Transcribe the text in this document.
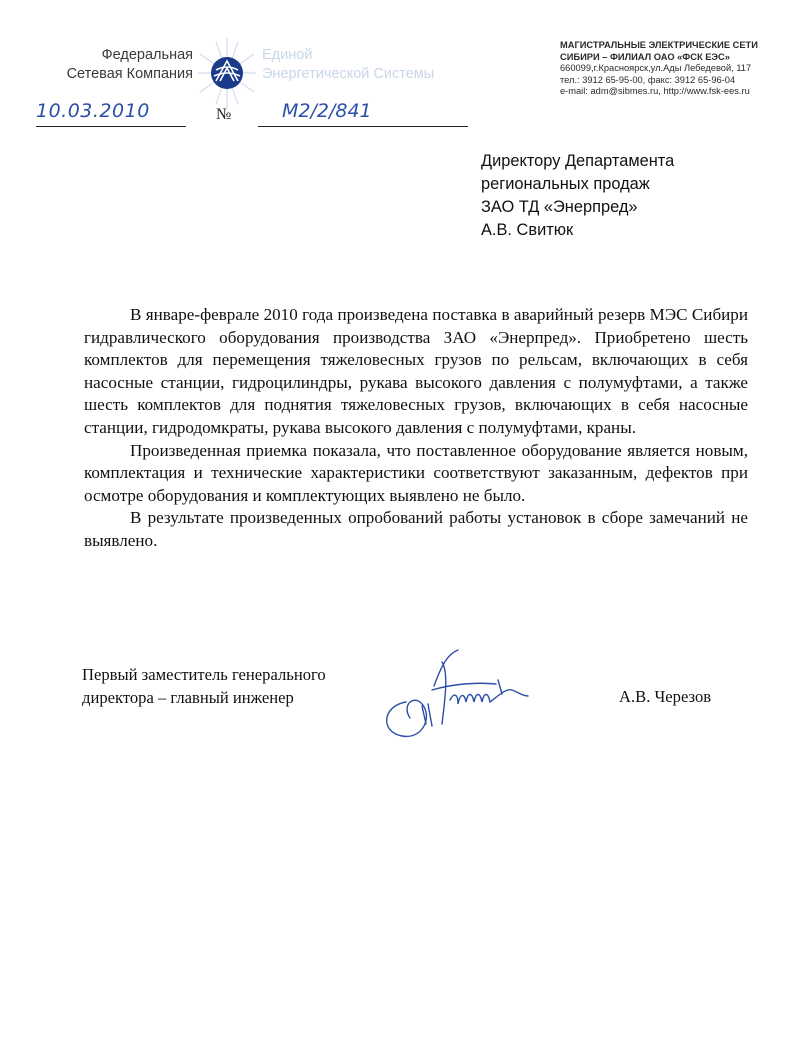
Федеральная
Сетевая Компания
Единой
Энергетической Системы
МАГИСТРАЛЬНЫЕ ЭЛЕКТРИЧЕСКИЕ СЕТИ
СИБИРИ – ФИЛИАЛ ОАО «ФСК ЕЭС»
660099,г.Красноярск,ул.Ады Лебедевой, 117
тел.: 3912 65-95-00, факс: 3912 65-96-04
e-mail: adm@sibmes.ru, http://www.fsk-ees.ru
10.03.2010	№	М2/2/841
Директору Департамента
региональных продаж
ЗАО ТД «Энерпред»
А.В. Свитюк

В январе-феврале 2010 года произведена поставка в аварийный резерв МЭС Сибири гидравлического оборудования производства ЗАО «Энерпред». Приобретено шесть комплектов для перемещения тяжеловесных грузов по рельсам, включающих в себя насосные станции, гидроцилиндры, рукава высокого давления с полумуфтами, а также шесть комплектов для поднятия тяжеловесных грузов, включающих в себя насосные станции, гидродомкраты, рукава высокого давления с полумуфтами, краны.

Произведенная приемка показала, что поставленное оборудование является новым, комплектация и технические характеристики соответствуют заказанным, дефектов при осмотре оборудования и комплектующих выявлено не было.

В результате произведенных опробований работы установок в сборе замечаний не выявлено.

Первый заместитель генерального
директора – главный инженер	А.В. Черезов
